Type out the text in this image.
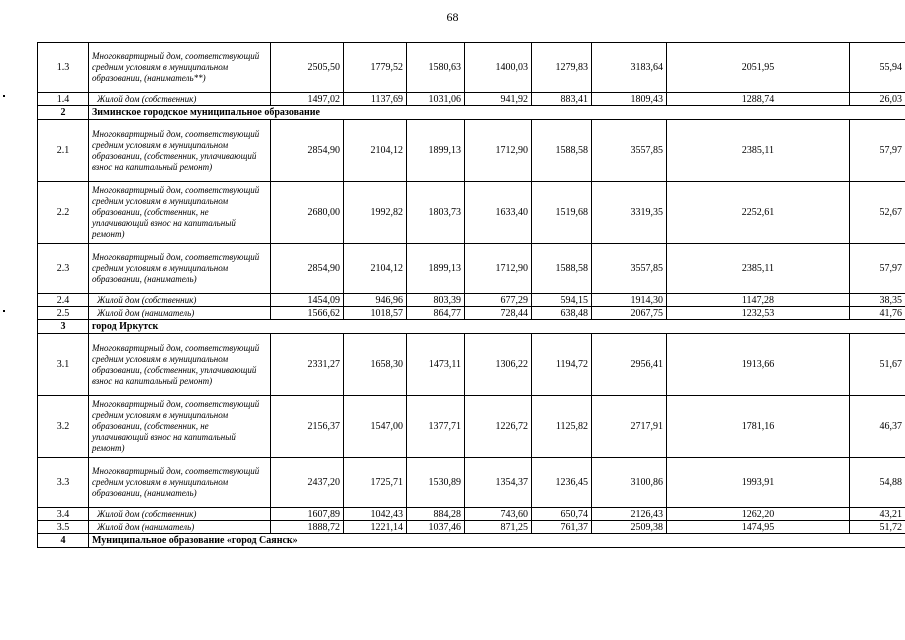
68
1.3	Многоквартирный дом, соответствующий средним условиям в муниципальном образовании, (наниматель**)	2505,50	1779,52	1580,63	1400,03	1279,83	3183,64	2051,95	55,94
1.4	Жилой дом (собственник)	1497,02	1137,69	1031,06	941,92	883,41	1809,43	1288,74	26,03
2	Зиминское городское муниципальное образование								
2.1	Многоквартирный дом, соответствующий средним условиям в муниципальном образовании, (собственник, уплачивающий взнос на капитальный ремонт)	2854,90	2104,12	1899,13	1712,90	1588,58	3557,85	2385,11	57,97
2.2	Многоквартирный дом, соответствующий средним условиям в муниципальном образовании, (собственник, не уплачивающий взнос на капитальный ремонт)	2680,00	1992,82	1803,73	1633,40	1519,68	3319,35	2252,61	52,67
2.3	Многоквартирный дом, соответствующий средним условиям в муниципальном образовании, (наниматель)	2854,90	2104,12	1899,13	1712,90	1588,58	3557,85	2385,11	57,97
2.4	Жилой дом (собственник)	1454,09	946,96	803,39	677,29	594,15	1914,30	1147,28	38,35
2.5	Жилой дом (наниматель)	1566,62	1018,57	864,77	728,44	638,48	2067,75	1232,53	41,76
3	город Иркутск								
3.1	Многоквартирный дом, соответствующий средним условиям в муниципальном образовании, (собственник, уплачивающий взнос на капитальный ремонт)	2331,27	1658,30	1473,11	1306,22	1194,72	2956,41	1913,66	51,67
3.2	Многоквартирный дом, соответствующий средним условиям в муниципальном образовании, (собственник, не уплачивающий взнос на капитальный ремонт)	2156,37	1547,00	1377,71	1226,72	1125,82	2717,91	1781,16	46,37
3.3	Многоквартирный дом, соответствующий средним условиям в муниципальном образовании, (наниматель)	2437,20	1725,71	1530,89	1354,37	1236,45	3100,86	1993,91	54,88
3.4	Жилой дом (собственник)	1607,89	1042,43	884,28	743,60	650,74	2126,43	1262,20	43,21
3.5	Жилой дом (наниматель)	1888,72	1221,14	1037,46	871,25	761,37	2509,38	1474,95	51,72
4	Муниципальное образование «город Саянск»								
